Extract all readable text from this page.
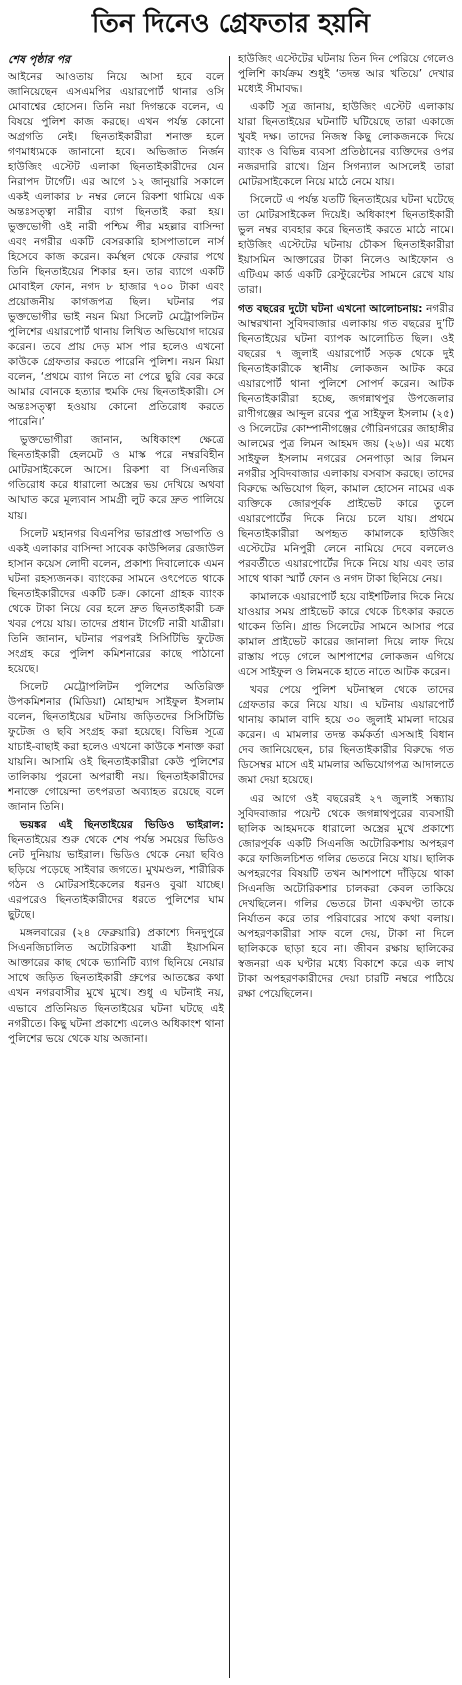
তিন দিনেও গ্রেফতার হয়নি
শেষ পৃষ্ঠার পর

আইনের আওতায় নিয়ে আসা হবে বলে জানিয়েছেন এসএমপির এয়ারপোর্ট থানার ওসি মোবাশ্বের হোসেন। তিনি নয়া দিগন্তকে বলেন, এ বিষয়ে পুলিশ কাজ করছে। এখন পর্যন্ত কোনো অগ্রগতি নেই। ছিনতাইকারীরা শনাক্ত হলে গণমাধ্যমকে জানানো হবে। অভিজাত নির্জন হাউজিং এস্টেট এলাকা ছিনতাইকারীদের যেন নিরাপদ টার্গেট। এর আগে ১২ জানুয়ারি সকালে একই এলাকার ৮ নম্বর লেনে রিকশা থামিয়ে এক অন্তঃসত্ত্বা নারীর ব্যাগ ছিনতাই করা হয়। ভুক্তভোগী ওই নারী পশ্চিম পীর মহল্লার বাসিন্দা এবং নগরীর একটি বেসরকারি হাসপাতালে নার্স হিসেবে কাজ করেন। কর্মস্থল থেকে ফেরার পথে তিনি ছিনতাইয়ের শিকার হন। তার ব্যাগে একটি মোবাইল ফোন, নগদ ৮ হাজার ৭০০ টাকা এবং প্রয়োজনীয় কাগজপত্র ছিল। ঘটনার পর ভুক্তভোগীর ভাই নয়ন মিয়া সিলেট মেট্রোপলিটন পুলিশের এয়ারপোর্ট থানায় লিখিত অভিযোগ দায়ের করেন। তবে প্রায় দেড় মাস পার হলেও এখনো কাউকে গ্রেফতার করতে পারেনি পুলিশ। নয়ন মিয়া বলেন, ‘প্রথমে ব্যাগ নিতে না পেরে ছুরি বের করে আমার বোনকে হত্যার হুমকি দেয় ছিনতাইকারী। সে অন্তঃসত্ত্বা হওয়ায় কোনো প্রতিরোধ করতে পারেনি।’

ভুক্তভোগীরা জানান, অধিকাংশ ক্ষেত্রে ছিনতাইকারী হেলমেট ও মাস্ক পরে নম্বরবিহীন মোটরসাইকেলে আসে। রিকশা বা সিএনজির গতিরোধ করে ধারালো অস্ত্রের ভয় দেখিয়ে অথবা আঘাত করে মূল্যবান সামগ্রী লুট করে দ্রুত পালিয়ে যায়।

সিলেট মহানগর বিএনপির ভারপ্রাপ্ত সভাপতি ও একই এলাকার বাসিন্দা সাবেক কাউন্সিলর রেজাউল হাসান কয়েস লোদী বলেন, প্রকাশ্য দিবালোকে এমন ঘটনা রহস্যজনক। ব্যাংকের সামনে ওৎপেতে থাকে ছিনতাইকারীদের একটি চক্র। কোনো গ্রাহক ব্যাংক থেকে টাকা নিয়ে বের হলে দ্রুত ছিনতাইকারী চক্র খবর পেয়ে যায়। তাদের প্রধান টার্গেট নারী যাত্রীরা। তিনি জানান, ঘটনার পরপরই সিসিটিভি ফুটেজ সংগ্রহ করে পুলিশ কমিশনারের কাছে পাঠানো হয়েছে।

সিলেট মেট্রোপলিটন পুলিশের অতিরিক্ত উপকমিশনার (মিডিয়া) মোহাম্মদ সাইফুল ইসলাম বলেন, ছিনতাইয়ের ঘটনায় জড়িতদের সিসিটিভি ফুটেজ ও ছবি সংগ্রহ করা হয়েছে। বিভিন্ন সূত্রে যাচাই-বাছাই করা হলেও এখনো কাউকে শনাক্ত করা যায়নি। আসামি ওই ছিনতাইকারীরা কেউ পুলিশের তালিকায় পুরনো অপরাধী নয়। ছিনতাইকারীদের শনাক্তে গোয়েন্দা তৎপরতা অব্যাহত রয়েছে বলে জানান তিনি।

ভয়ঙ্কর এই ছিনতাইয়ের ভিডিও ভাইরাল: ছিনতাইয়ের শুরু থেকে শেষ পর্যন্ত সময়ের ভিডিও নেট দুনিয়ায় ভাইরাল। ভিডিও থেকে নেয়া ছবিও ছড়িয়ে পড়েছে সাইবার জগতে। মুখমণ্ডল, শারীরিক গঠন ও মোটরসাইকেলের ধরনও বুঝা যাচ্ছে। এরপরেও ছিনতাইকারীদের ধরতে পুলিশের ঘাম ছুটছে।

মঙ্গলবারের (২৪ ফেব্রুয়ারি) প্রকাশ্যে দিনদুপুরে সিএনজিচালিত অটোরিকশা যাত্রী ইয়াসমিন আক্তারের কাছ থেকে ভ্যানিটি ব্যাগ ছিনিয়ে নেয়ার সাথে জড়িত ছিনতাইকারী গ্রুপের আতঙ্কের কথা এখন নগরবাসীর মুখে মুখে। শুধু এ ঘটনাই নয়, এভাবে প্রতিনিয়ত ছিনতাইয়ের ঘটনা ঘটছে এই নগরীতে। কিছু ঘটনা প্রকাশ্যে এলেও অধিকাংশ থানা পুলিশের ভয়ে থেকে যায় অজানা।

হাউজিং এস্টেটের ঘটনায় তিন দিন পেরিয়ে গেলেও পুলিশি কার্যক্রম শুধুই ‘তদন্ত আর খতিয়ে’ দেখার মধ্যেই সীমাবদ্ধ।

একটি সূত্র জানায়, হাউজিং এস্টেট এলাকায় যারা ছিনতাইয়ের ঘটনাটি ঘটিয়েছে তারা একাজে খুবই দক্ষ। তাদের নিজস্ব কিছু লোকজনকে দিয়ে ব্যাংক ও বিভিন্ন ব্যবসা প্রতিষ্ঠানের ব্যক্তিদের ওপর নজরদারি রাখে। গ্রিন সিগন্যাল আসলেই তারা মোটরসাইকেলে নিয়ে মাঠে নেমে যায়।

সিলেটে এ পর্যন্ত যতটি ছিনতাইয়ের ঘটনা ঘটেছে তা মোটরসাইকেল দিয়েই। অধিকাংশ ছিনতাইকারী ভুল নম্বর ব্যবহার করে ছিনতাই করতে মাঠে নামে। হাউজিং এস্টেটের ঘটনায় চৌকস ছিনতাইকারীরা ইয়াসমিন আক্তারের টাকা নিলেও আইফোন ও এটিএম কার্ড একটি রেস্টুরেন্টের সামনে রেখে যায় তারা।

গত বছরের দুটো ঘটনা এখনো আলোচনায়: নগরীর আম্বরখানা সুবিদবাজার এলাকায় গত বছরের দু’টি ছিনতাইয়ের ঘটনা ব্যাপক আলোচিত ছিল। ওই বছরের ৭ জুলাই এয়ারপোর্ট সড়ক থেকে দুই ছিনতাইকারীকে স্থানীয় লোকজন আটক করে এয়ারপোর্ট থানা পুলিশে সোপর্দ করেন। আটক ছিনতাইকারীরা হচ্ছে, জগন্নাথপুর উপজেলার রাণীগঞ্জের আব্দুল রবের পুত্র সাইফুল ইসলাম (২৫) ও সিলেটের কোম্পানীগঞ্জের গৌরিনগরের জাহাঙ্গীর আলমের পুত্র লিমন আহমদ জয় (২৬)। এর মধ্যে সাইফুল ইসলাম নগরের সেনপাড়া আর লিমন নগরীর সুবিদবাজার এলাকায় বসবাস করছে। তাদের বিরুদ্ধে অভিযোগ ছিল, কামাল হোসেন নামের এক ব্যক্তিকে জোরপূর্বক প্রাইভেট কারে তুলে এয়ারপোর্টের দিকে নিয়ে চলে যায়। প্রথমে ছিনতাইকারীরা অপহৃত কামালকে হাউজিং এস্টেটের মনিপুরী লেনে নামিয়ে দেবে বললেও পরবর্তীতে এয়ারপোর্টের দিকে নিয়ে যায় এবং তার সাথে থাকা স্মার্ট ফোন ও নগদ টাকা ছিনিয়ে নেয়।

কামালকে এয়ারপোর্ট হয়ে বাইশটিলার দিকে নিয়ে যাওয়ার সময় প্রাইভেট কারে থেকে চিৎকার করতে থাকেন তিনি। গ্রান্ড সিলেটের সামনে আসার পরে কামাল প্রাইভেট কারের জানালা দিয়ে লাফ দিয়ে রাস্তায় পড়ে গেলে আশপাশের লোকজন এগিয়ে এসে সাইফুল ও লিমনকে হাতে নাতে আটক করেন।

খবর পেয়ে পুলিশ ঘটনাস্থল থেকে তাদের গ্রেফতার করে নিয়ে যায়। এ ঘটনায় এয়ারপোর্ট থানায় কামাল বাদি হয়ে ৩০ জুলাই মামলা দায়ের করেন। এ মামলার তদন্ত কর্মকর্তা এসআই বিধান দেব জানিয়েছেন, চার ছিনতাইকারীর বিরুদ্ধে গত ডিসেম্বর মাসে এই মামলার অভিযোগপত্র আদালতে জমা দেয়া হয়েছে।

এর আগে ওই বছরেরই ২৭ জুলাই সন্ধ্যায় সুবিদবাজার পয়েন্ট থেকে জগন্নাথপুরের ব্যবসায়ী ছালিক আহমদকে ধারালো অস্ত্রের মুখে প্রকাশ্যে জোরপূর্বক একটি সিএনজি অটোরিকশায় অপহরণ করে ফাজিলচিশত গলির ভেতরে নিয়ে যায়। ছালিক অপহরণের বিষয়টি তখন আশপাশে দাঁড়িয়ে থাকা সিএনজি অটোরিকশার চালকরা কেবল তাকিয়ে দেখছিলেন। গলির ভেতরে টানা একঘণ্টা তাকে নির্যাতন করে তার পরিবারের সাথে কথা বলায়। অপহরণকারীরা সাফ বলে দেয়, টাকা না দিলে ছালিককে ছাড়া হবে না। জীবন রক্ষায় ছালিকের স্বজনরা এক ঘণ্টার মধ্যে বিকাশে করে এক লাখ টাকা অপহরণকারীদের দেয়া চারটি নম্বরে পাঠিয়ে রক্ষা পেয়েছিলেন।
